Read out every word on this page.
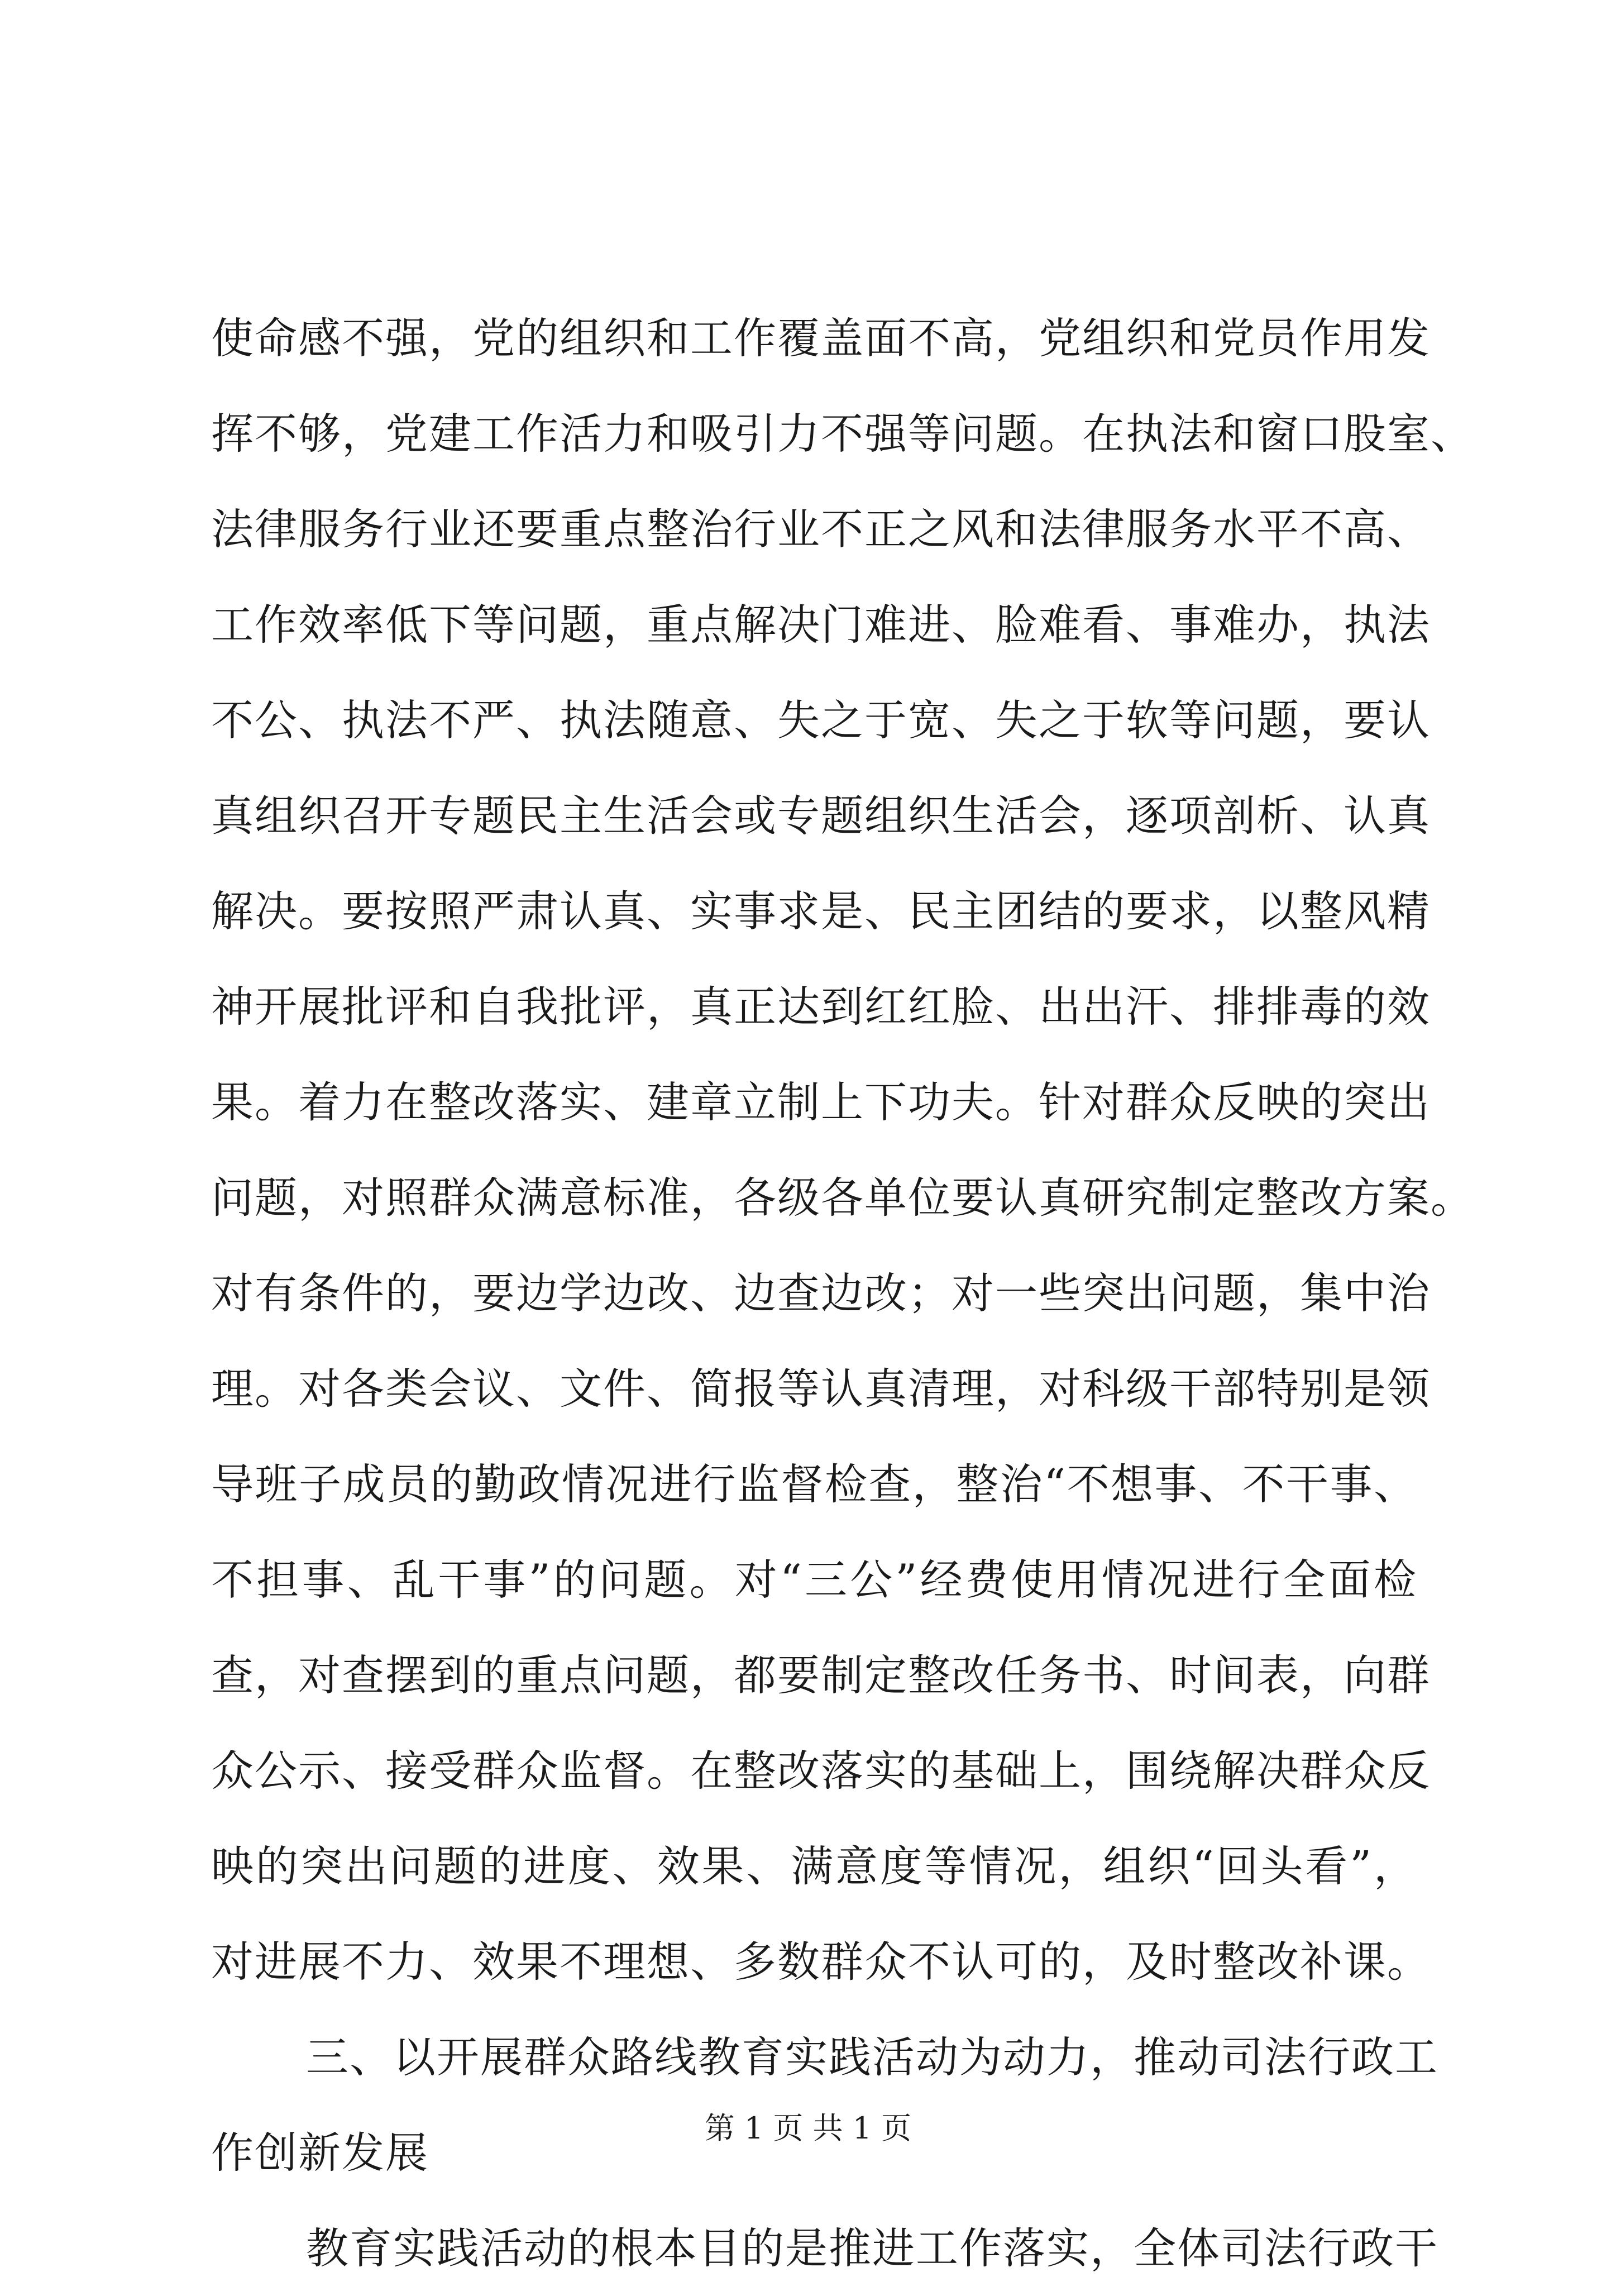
使命感不强，党的组织和工作覆盖面不高，党组织和党员作用发
挥不够，党建工作活力和吸引力不强等问题。在执法和窗口股室、
法律服务行业还要重点整治行业不正之风和法律服务水平不高、
工作效率低下等问题，重点解决门难进、脸难看、事难办，执法
不公、执法不严、执法随意、失之于宽、失之于软等问题，要认
真组织召开专题民主生活会或专题组织生活会，逐项剖析、认真
解决。要按照严肃认真、实事求是、民主团结的要求，以整风精
神开展批评和自我批评，真正达到红红脸、出出汗、排排毒的效
果。着力在整改落实、建章立制上下功夫。针对群众反映的突出
问题，对照群众满意标准，各级各单位要认真研究制定整改方案。
对有条件的，要边学边改、边查边改；对一些突出问题，集中治
理。对各类会议、文件、简报等认真清理，对科级干部特别是领
导班子成员的勤政情况进行监督检查，整治“不想事、不干事、
不担事、乱干事”的问题。对“三公”经费使用情况进行全面检
查，对查摆到的重点问题，都要制定整改任务书、时间表，向群
众公示、接受群众监督。在整改落实的基础上，围绕解决群众反
映的突出问题的进度、效果、满意度等情况，组织“回头看”，
对进展不力、效果不理想、多数群众不认可的，及时整改补课。
三、以开展群众路线教育实践活动为动力，推动司法行政工
作创新发展
教育实践活动的根本目的是推进工作落实，全体司法行政干
第 1 页 共 1 页
